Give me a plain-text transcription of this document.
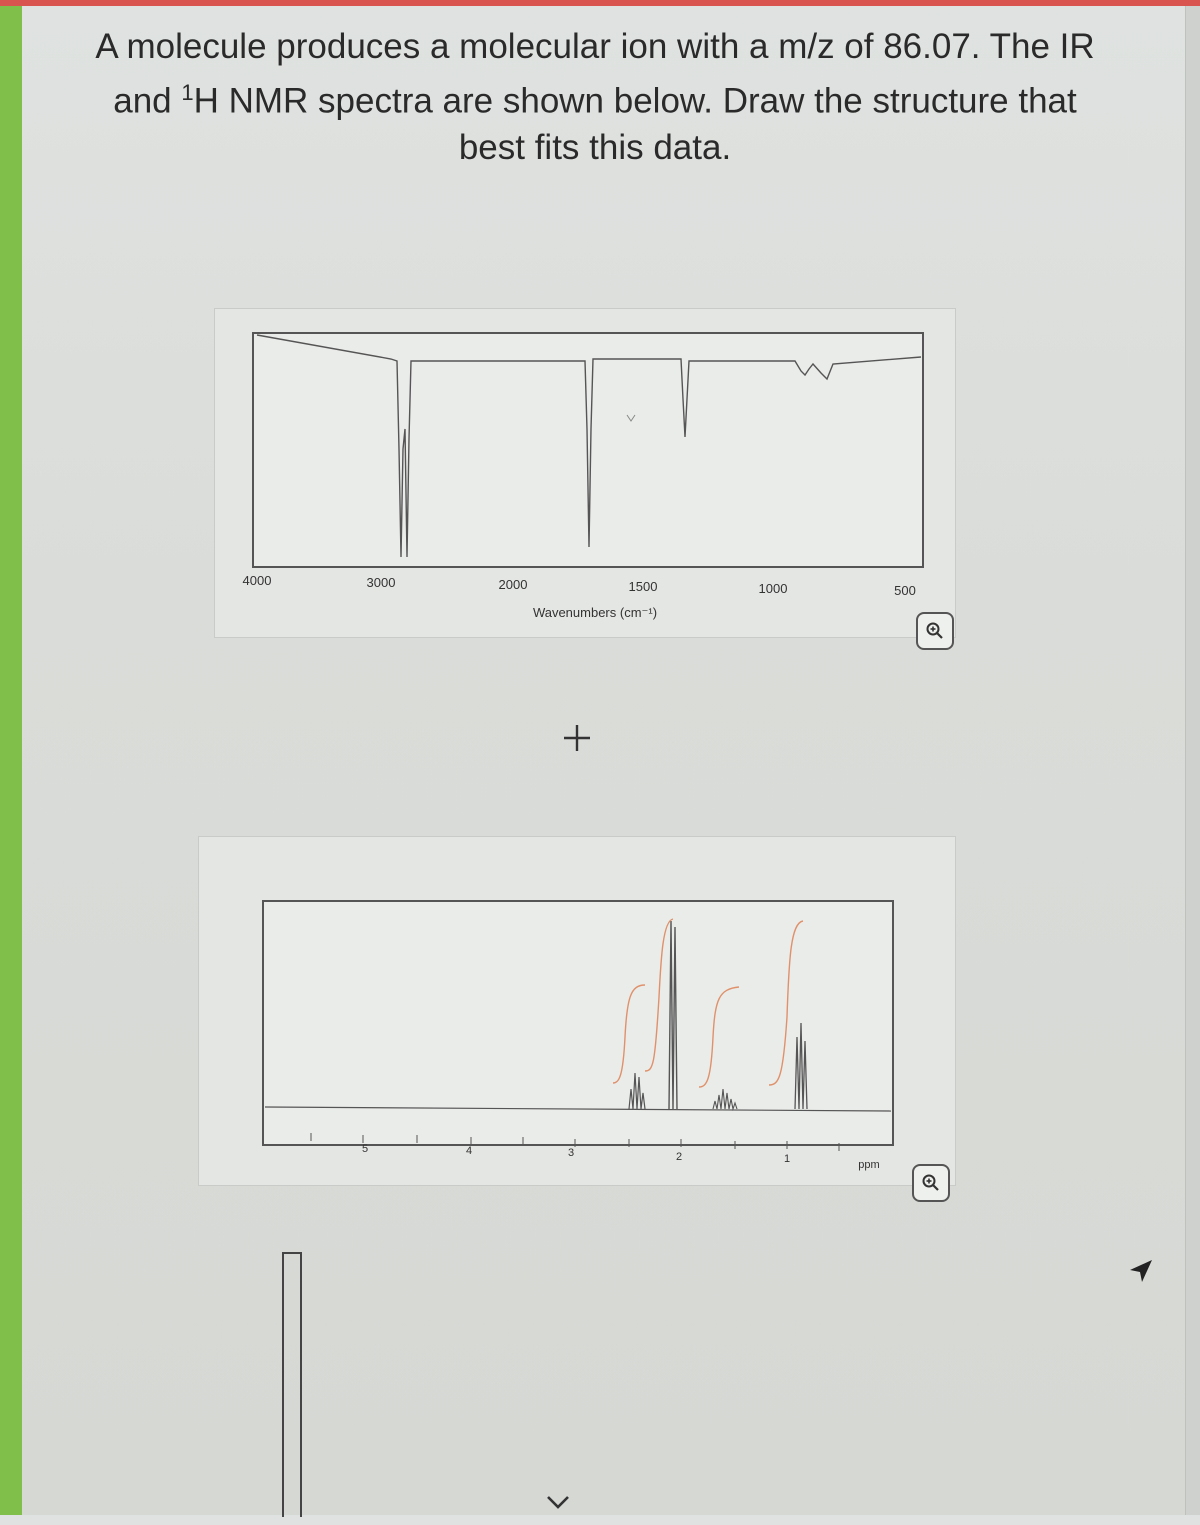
A molecule produces a molecular ion with a m/z of 86.07. The IR
and $^1$H NMR spectra are shown below. Draw the structure that
best fits this data.
4000	3000	2000	1500	1000	500
Wavenumbers (cm⁻¹)
5	4	3	2	1	ppm
